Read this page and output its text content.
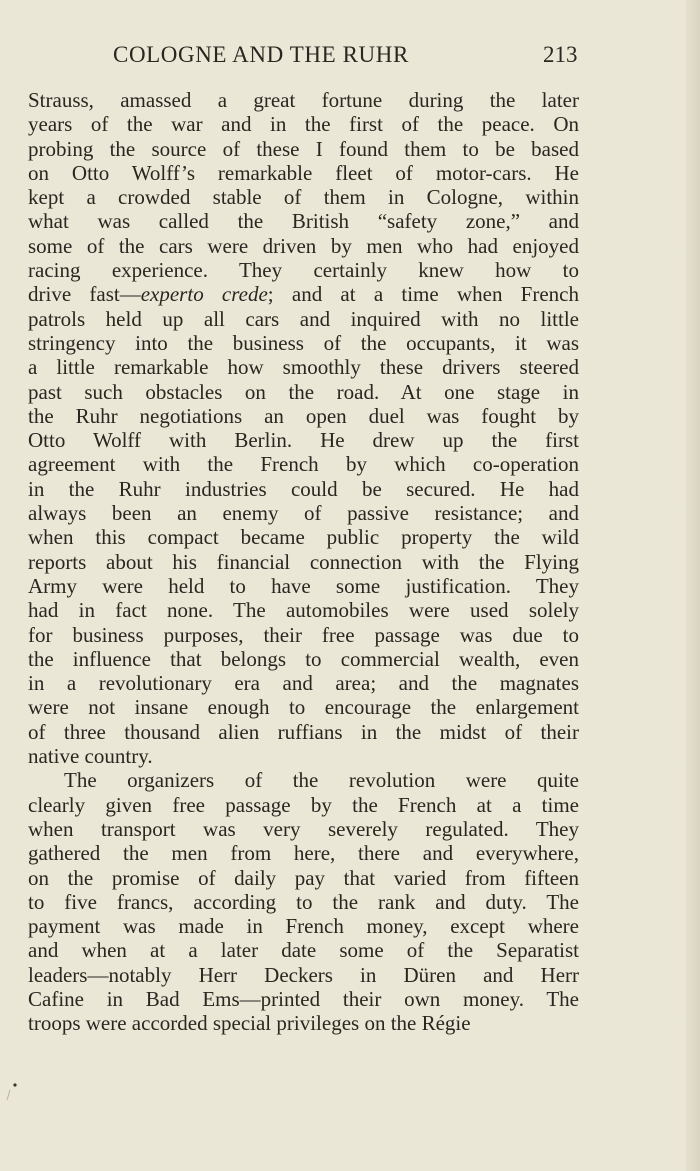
COLOGNE AND THE RUHR	213
Strauss, amassed a great fortune during the later
years of the war and in the first of the peace. On
probing the source of these I found them to be based
on Otto Wolff’s remarkable fleet of motor-cars. He
kept a crowded stable of them in Cologne, within
what was called the British “safety zone,” and
some of the cars were driven by men who had enjoyed
racing experience. They certainly knew how to
drive fast—experto crede; and at a time when French
patrols held up all cars and inquired with no little
stringency into the business of the occupants, it was
a little remarkable how smoothly these drivers steered
past such obstacles on the road. At one stage in
the Ruhr negotiations an open duel was fought by
Otto Wolff with Berlin. He drew up the first
agreement with the French by which co-operation
in the Ruhr industries could be secured. He had
always been an enemy of passive resistance; and
when this compact became public property the wild
reports about his financial connection with the Flying
Army were held to have some justification. They
had in fact none. The automobiles were used solely
for business purposes, their free passage was due to
the influence that belongs to commercial wealth, even
in a revolutionary era and area; and the magnates
were not insane enough to encourage the enlargement
of three thousand alien ruffians in the midst of their
native country.
The organizers of the revolution were quite
clearly given free passage by the French at a time
when transport was very severely regulated. They
gathered the men from here, there and everywhere,
on the promise of daily pay that varied from fifteen
to five francs, according to the rank and duty. The
payment was made in French money, except where
and when at a later date some of the Separatist
leaders—notably Herr Deckers in Düren and Herr
Cafine in Bad Ems—printed their own money. The
troops were accorded special privileges on the Régie
